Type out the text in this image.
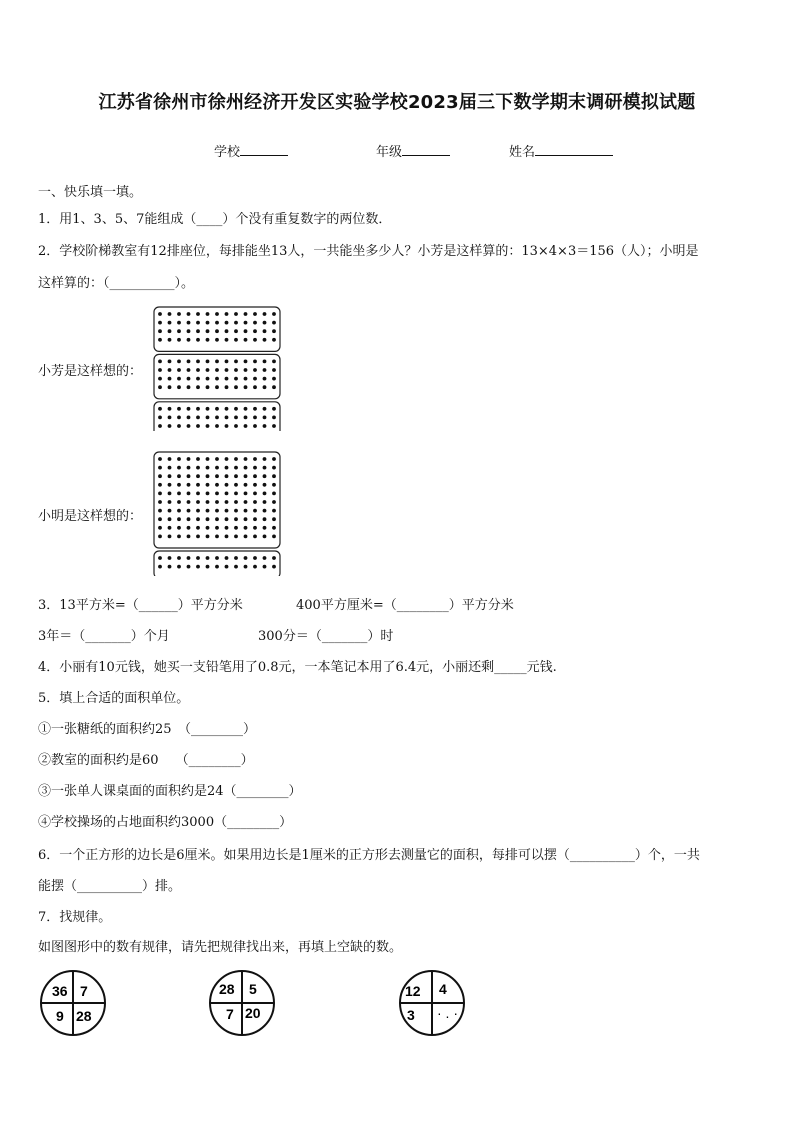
江苏省徐州市徐州经济开发区实验学校2023届三下数学期末调研模拟试题
学校	年级	姓名
一、快乐填一填。
1．用1、3、5、7能组成（____）个没有重复数字的两位数．
2．学校阶梯教室有12排座位，每排能坐13人，一共能坐多少人？小芳是这样算的：13×4×3＝156（人）；小明是
这样算的：（__________）。
小芳是这样想的：
小明是这样想的：
3．13平方米=（______）平方分米	400平方厘米=（________）平方分米
3年＝（_______）个月	300分＝（_______）时
4．小丽有10元钱，她买一支铅笔用了0.8元，一本笔记本用了6.4元，小丽还剩_____元钱.
5．填上合适的面积单位。
①一张糖纸的面积约25　（________）
②教室的面积约是60　 （________）
③一张单人课桌面的面积约是24（________）
④学校操场的占地面积约3000（________）
6．一个正方形的边长是6厘米。如果用边长是1厘米的正方形去测量它的面积，每排可以摆（__________）个，一共
能摆（__________）排。
7．找规律。
如图图形中的数有规律，请先把规律找出来，再填上空缺的数。
36 7
9 28
28 5
7 20
12 4
3 · . ·
